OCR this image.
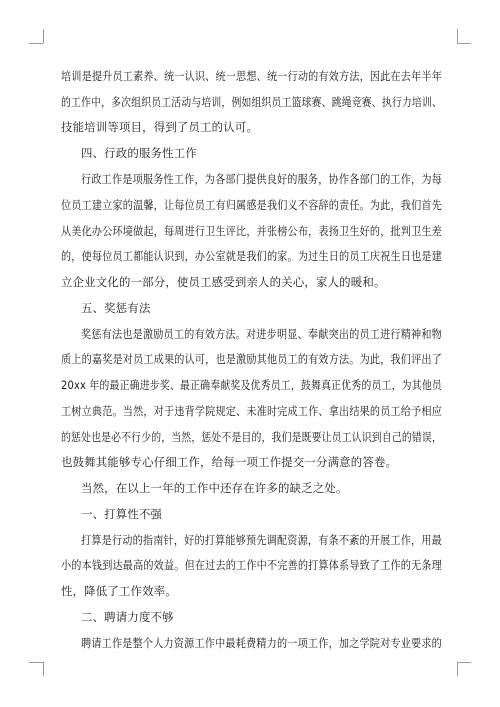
培训是提升员工素养、统一认识、统一思想、统一行动的有效方法，因此在去年半年
的工作中，多次组织员工活动与培训，例如组织员工篮球赛、跳绳竞赛、执行力培训、
技能培训等项目，得到了员工的认可。
四、行政的服务性工作
行政工作是项服务性工作，为各部门提供良好的服务，协作各部门的工作，为每
位员工建立家的温馨，让每位员工有归属感是我们义不容辞的责任。为此，我们首先
从美化办公环境做起，每周进行卫生评比，并张榜公布，表扬卫生好的，批判卫生差
的，使每位员工都能认识到，办公室就是我们的家。为过生日的员工庆祝生日也是建
立企业文化的一部分，使员工感受到亲人的关心，家人的暖和。
五、奖惩有法
奖惩有法也是激励员工的有效方法。对进步明显、奉献突出的员工进行精神和物
质上的嘉奖是对员工成果的认可，也是激励其他员工的有效方法。为此，我们评出了
20xx 年的最正确进步奖、最正确奉献奖及优秀员工，鼓舞真正优秀的员工，为其他员
工树立典范。当然，对于违背学院规定、未准时完成工作、拿出结果的员工给予相应
的惩处也是必不行少的，当然，惩处不是目的，我们是既要让员工认识到自己的错误，
也鼓舞其能够专心仔细工作，给每一项工作提交一分满意的答卷。
当然，在以上一年的工作中还存在许多的缺乏之处。
一、打算性不强
打算是行动的指南针，好的打算能够预先调配资源，有条不紊的开展工作，用最
小的本钱到达最高的效益。但在过去的工作中不完善的打算体系导致了工作的无条理
性，降低了工作效率。
二、聘请力度不够
聘请工作是整个人力资源工作中最耗费精力的一项工作，加之学院对专业要求的
